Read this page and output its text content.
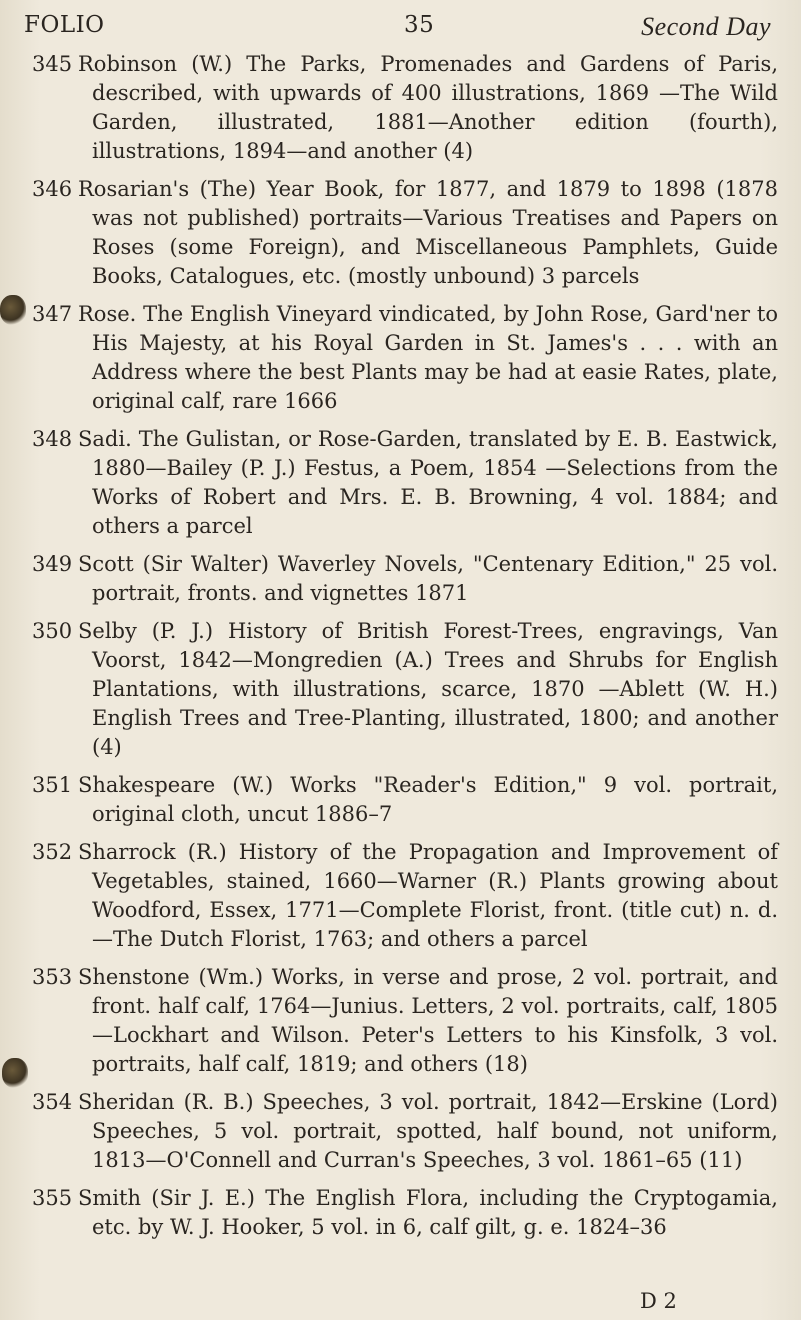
FOLIO	35	Second Day
345 Robinson (W.) The Parks, Promenades and Gardens of Paris, described, with upwards of 400 illustrations, 1869 —The Wild Garden, illustrated, 1881—Another edition (fourth), illustrations, 1894—and another (4)
346 Rosarian's (The) Year Book, for 1877, and 1879 to 1898 (1878 was not published) portraits—Various Treatises and Papers on Roses (some Foreign), and Miscellaneous Pamphlets, Guide Books, Catalogues, etc. (mostly unbound) 3 parcels
347 Rose. The English Vineyard vindicated, by John Rose, Gard'ner to His Majesty, at his Royal Garden in St. James's . . . with an Address where the best Plants may be had at easie Rates, plate, original calf, rare 1666
348 Sadi. The Gulistan, or Rose-Garden, translated by E. B. Eastwick, 1880—Bailey (P. J.) Festus, a Poem, 1854 —Selections from the Works of Robert and Mrs. E. B. Browning, 4 vol. 1884; and others a parcel
349 Scott (Sir Walter) Waverley Novels, "Centenary Edition," 25 vol. portrait, fronts. and vignettes 1871
350 Selby (P. J.) History of British Forest-Trees, engravings, Van Voorst, 1842—Mongredien (A.) Trees and Shrubs for English Plantations, with illustrations, scarce, 1870 —Ablett (W. H.) English Trees and Tree-Planting, illustrated, 1800; and another (4)
351 Shakespeare (W.) Works "Reader's Edition," 9 vol. portrait, original cloth, uncut 1886–7
352 Sharrock (R.) History of the Propagation and Improvement of Vegetables, stained, 1660—Warner (R.) Plants growing about Woodford, Essex, 1771—Complete Florist, front. (title cut) n. d.—The Dutch Florist, 1763; and others a parcel
353 Shenstone (Wm.) Works, in verse and prose, 2 vol. portrait, and front. half calf, 1764—Junius. Letters, 2 vol. portraits, calf, 1805—Lockhart and Wilson. Peter's Letters to his Kinsfolk, 3 vol. portraits, half calf, 1819; and others (18)
354 Sheridan (R. B.) Speeches, 3 vol. portrait, 1842—Erskine (Lord) Speeches, 5 vol. portrait, spotted, half bound, not uniform, 1813—O'Connell and Curran's Speeches, 3 vol. 1861–65 (11)
355 Smith (Sir J. E.) The English Flora, including the Cryptogamia, etc. by W. J. Hooker, 5 vol. in 6, calf gilt, g. e. 1824–36
D 2
